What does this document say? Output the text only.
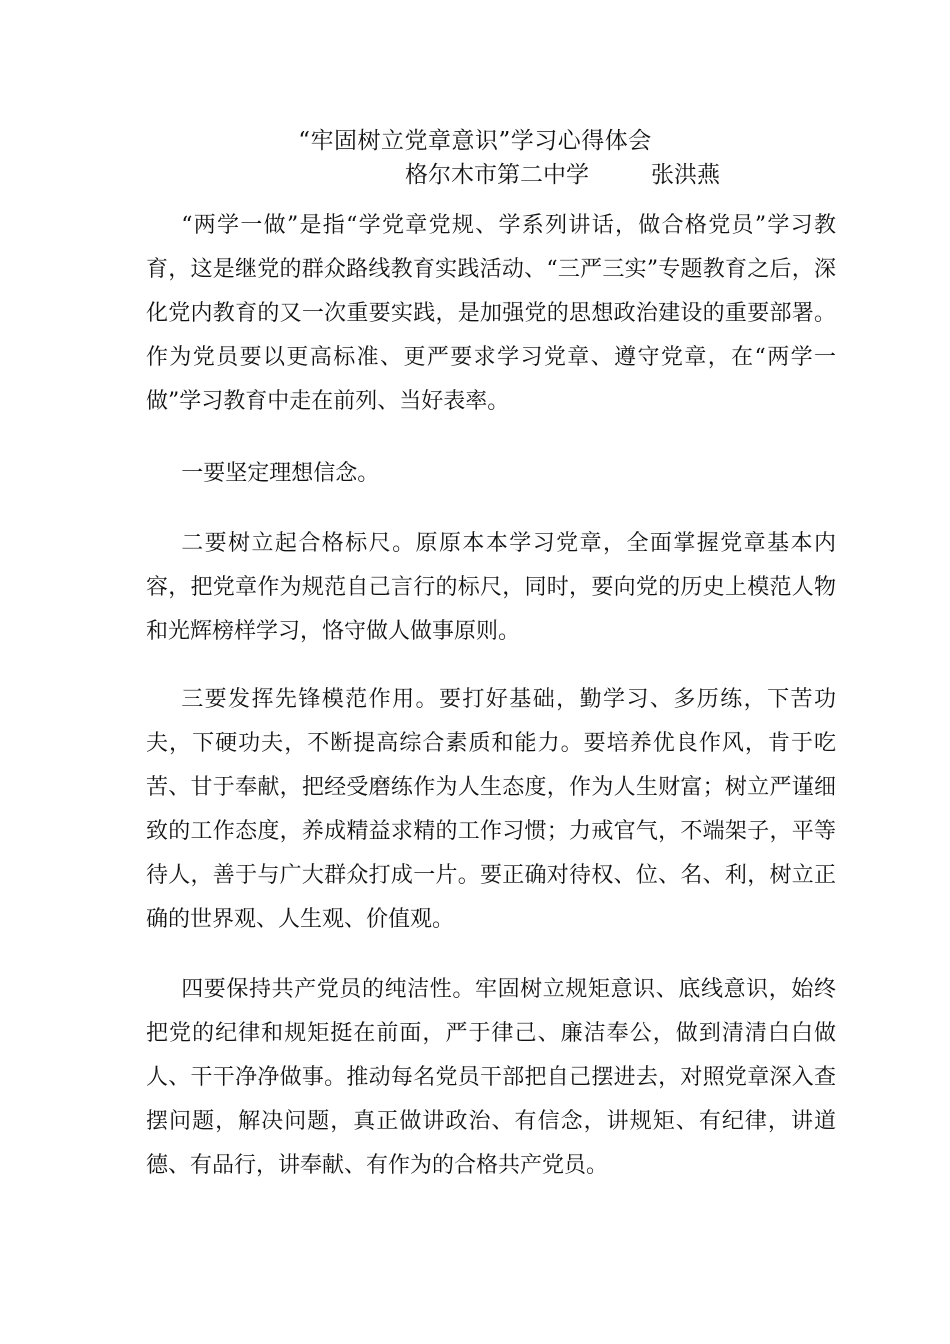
“牢固树立党章意识”学习心得体会
格尔木市第二中学	张洪燕

“两学一做”是指“学党章党规、学系列讲话，做合格党员”学习教育，这是继党的群众路线教育实践活动、“三严三实”专题教育之后，深化党内教育的又一次重要实践，是加强党的思想政治建设的重要部署。 作为党员要以更高标准、更严要求学习党章、遵守党章，在“两学一做”学习教育中走在前列、当好表率。

一要坚定理想信念。

二要树立起合格标尺。原原本本学习党章，全面掌握党章基本内容，把党章作为规范自己言行的标尺，同时，要向党的历史上模范人物和光辉榜样学习，恪守做人做事原则。

三要发挥先锋模范作用。要打好基础，勤学习、多历练，下苦功夫，下硬功夫，不断提高综合素质和能力。要培养优良作风，肯于吃苦、甘于奉献，把经受磨练作为人生态度，作为人生财富；树立严谨细致的工作态度，养成精益求精的工作习惯；力戒官气，不端架子，平等待人，善于与广大群众打成一片。要正确对待权、位、名、利，树立正确的世界观、人生观、价值观。

四要保持共产党员的纯洁性。牢固树立规矩意识、底线意识，始终把党的纪律和规矩挺在前面，严于律己、廉洁奉公，做到清清白白做人、干干净净做事。推动每名党员干部把自己摆进去，对照党章深入查摆问题，解决问题，真正做讲政治、有信念，讲规矩、有纪律，讲道德、有品行，讲奉献、有作为的合格共产党员。
